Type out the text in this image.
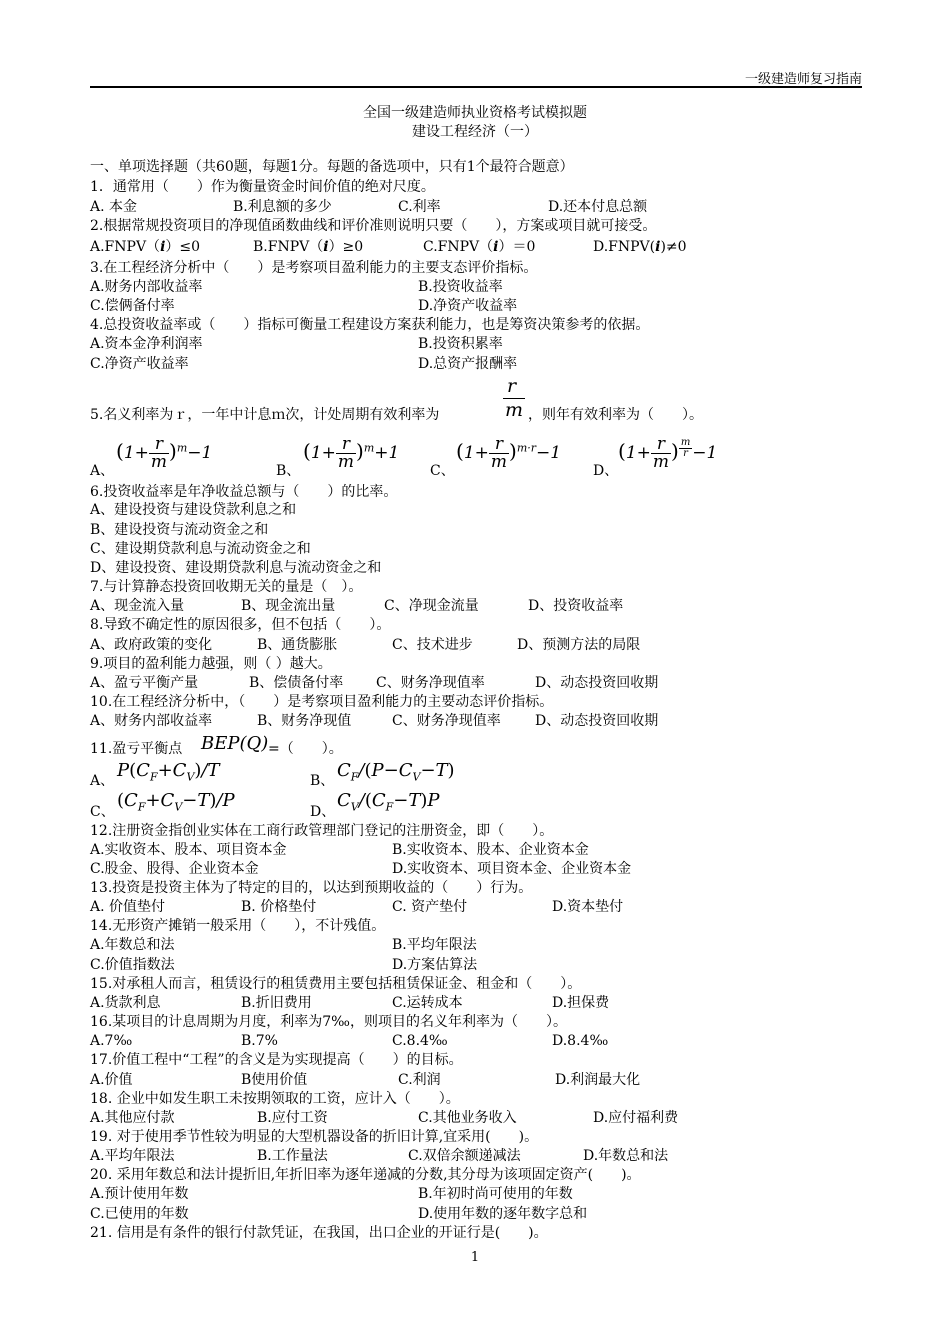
一级建造师复习指南
全国一级建造师执业资格考试模拟题
建设工程经济（一）
一、单项选择题（共60题，每题1分。每题的备选项中，只有1个最符合题意）
1．通常用（　　）作为衡量资金时间价值的绝对尺度。
A. 本金	B.利息额的多少	C.利率	D.还本付息总额
2.根据常规投资项目的净现值函数曲线和评价准则说明只要（　　），方案或项目就可接受。
A.FNPV（i）≤0	B.FNPV（i）≥0	C.FNPV（i）＝0	D.FNPV(i)≠0
3.在工程经济分析中（　　）是考察项目盈利能力的主要支态评价指标。
A.财务内部收益率	B.投资收益率
C.偿俩备付率	D.净资产收益率
4.总投资收益率或（　　）指标可衡量工程建设方案获利能力，也是筹资决策参考的依据。
A.资本金净利润率	B.投资积累率
C.净资产收益率	D.总资产报酬率
5.名义利率为ｒ，一年中计息ｍ次，计处周期有效利率为
r
m ，则年有效利率为（　　）。
A、
$(1+ \frac{r}{m} )^m-1$
B、
$(1+ \frac{r}{m} )^m+1$
C、
$(1+ \frac{r}{m} )^{m\cdot r}-1$
D、
($1+ \frac{r}{m}$ ) $^{\frac{m}{r}}$ −1
6.投资收益率是年净收益总额与（　　）的比率。
A、建设投资与建设贷款利息之和
B、建设投资与流动资金之和
C、建设期贷款利息与流动资金之和
D、建设投资、建设期贷款利息与流动资金之和
7.与计算静态投资回收期无关的量是（　）。
A、现金流入量	B、现金流出量	C、净现金流量	D、投资收益率
8.导致不确定性的原因很多，但不包括（　　）。
A、政府政策的变化	B、通货膨胀	C、技术进步	D、预测方法的局限
9.项目的盈利能力越强，则（ ）越大。
A、盈亏平衡产量	B、偿债备付率 C、财务净现值率	D、动态投资回收期
10.在工程经济分析中，（　　）是考察项目盈利能力的主要动态评价指标。
A、财务内部收益率	B、财务净现值	C、财务净现值率 D、动态投资回收期
11.盈亏平衡点 BEP(Q) =（　　）。
A、 $P(C_F+C_V)/T$	B、 $C_F/(P-C_V-T)$
C、
$(C_F+C_V-T)/P$
D、
$C_V/(C_F-T)P$
12.注册资金指创业实体在工商行政管理部门登记的注册资金，即（　　）。
A.实收资本、股本、项目资本金	B.实收资本、股本、企业资本金
C.股金、股得、企业资本金	D.实收资本、项目资本金、企业资本金
13.投资是投资主体为了特定的目的，以达到预期收益的（　　）行为。
A. 价值垫付	B. 价格垫付	C. 资产垫付	D.资本垫付
14.无形资产摊销一般采用（　　），不计残值。
A.年数总和法	B.平均年限法
C.价值指数法	D.方案估算法
15.对承租人而言，租赁设行的租赁费用主要包括租赁保证金、租金和（　　）。
A.货款利息	B.折旧费用	C.运转成本	D.担保费
16.某项目的计息周期为月度，利率为7‰，则项目的名义年利率为（　　）。
A.7‰	B.7%	C.8.4‰	D.8.4‰
17.价值工程中“工程”的含义是为实现提高（　　）的目标。
A.价值	B使用价值	C.利润	D.利润最大化
18. 企业中如发生职工未按期领取的工资，应计入（　　）。
A.其他应付款	B.应付工资	C.其他业务收入	D.应付福利费
19. 对于使用季节性较为明显的大型机器设备的折旧计算,宜采用(　　)。
A.平均年限法	B.工作量法	C.双倍余额递减法	D.年数总和法
20. 采用年数总和法计提折旧,年折旧率为逐年递减的分数,其分母为该项固定资产(　　)。
A.预计使用年数	B.年初时尚可使用的年数
C.已使用的年数	D.使用年数的逐年数字总和
21. 信用是有条件的银行付款凭证，在我国，出口企业的开证行是(　　)。
1
